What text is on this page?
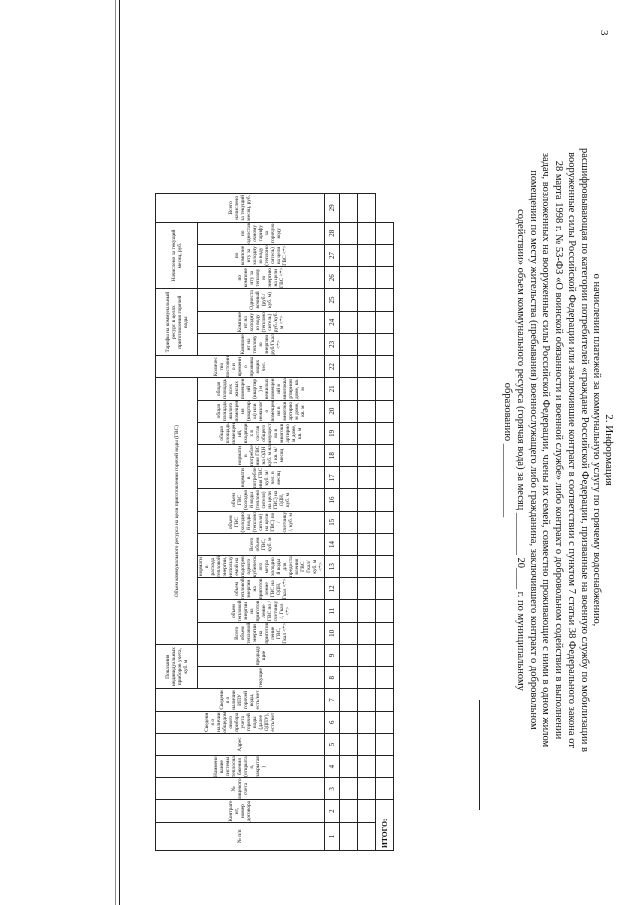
3
2. Информация
о начислении платежей за коммунальную услугу по горячему водоснабжению,
расшифровывающая по категории потребителей «граждане Российской Федерации, призванные на военную службу по мобилизации в
вооруженные силы Российской Федерации или заключившие контракт в соответствии с пунктом 7 статьи 38 Федерального закона от
28 марта 1998 г. № 53-ФЗ «О воинской обязанности и военной службе» либо контракт о добровольном содействии в выполнении
задач, возложенных на вооруженные силы Российской Федерации, члены их семей, совместно проживающие с ними в одном жилом
помещении по месту жительства (пребывания) военнослужащего либо гражданина, заключившего контракт о добровольном
содействии» объем коммунального ресурса (горячая вода) за месяц ________ 20____ г. по муниципальному
образованию ______________
№ п/п	Контрагент, номер договора	№ лицевого счета	Наименование системы теплоснабжения (открытая, закрытая)	Адрес	Сведения о наличии общедомового прибора учета горячей воды (далее ОДПУ), есть/нет	Сведения о наличии ИПУ горячей воды, есть/нет	Показания индивидуальных приборов учета, куб. м		Объем коммунального ресурса на цели приготовления горячей воды (ГВС)												Количество постоянно и временно проживающих чел.	Тарифы на коммунальный ресурс в целях приготовления горячей воды			Начислено за текущий месяц, руб.			Всего начислено за текущий месяц, руб.
							текущие	предыдущие	Всего объем тепловой энергии на приготовление ГВС, Гкал <*>	объем тепловой энергии на приготовление ГВС по /счетчику/, Гкал <*>	объем тепловой энергии на приготовление ГВС на ОДН, Гкал <*>	норматив расхода тепловой энергии, используемой на подогрев одного кубического метра холодной воды для предоставления ГВС Гкал/куб. м <*>	Всего объем ГВС, куб. м	объем ГВС (холодной воды (теплоносителя) на цели ГВС) по /счетчику/, куб. м	объем ГВС (холодной воды (теплоносителя) на цели ГВС) на ОДН, куб. м	норматив потребления ГВС куб. м/чел. в месяц	норматив потребления ГВС на ОДН куб. м на 1 кв. м/месяц	общая площадь помещений, входящих в состав общего имущества в многоквартирном доме, кв. м	общая площадь жилого помещения (квартиры) или нежилого помещения в многоквартирном доме, кв. м	общая площадь всех жилых помещений (квартир) и нежилых помещений в многоквартирном доме, кв. м		Компонент на тепловую энергию руб/Гкал <*>	Компонент на холодную воду (теплоноситель) руб./куб. м <*>	Одноставочный (руб./куб. м)	по компоненту за тепловую энергию на цели ГВС <*>	по компоненту за холодную воду (теплоноситель) на цели ГВС <*>	по одноставочному тарифу за горячую воду	
1	2	3	4	5	6	7	8	9	10	11	12	13	14	15	16	17	18	19	20	21	22	23	24	25	26	27	28	29

ИТОГО:																												
